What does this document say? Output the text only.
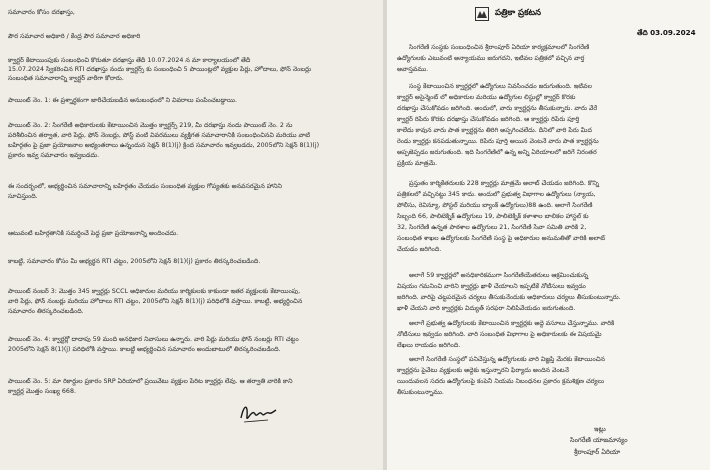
సమాచారం కోసం దరఖాస్తు,
పౌర సమాచార అధికారి / కేంద్ర పౌర సమాచార అధికారి
క్వార్టర్ కేటాయింపుకు సంబంధించి కొరుతూ దరఖాస్తు తేదీ 10.07.2024 న మా కార్యాలయంలో తేదీ
15.07.2024 స్వీకరించిన RTI దరఖాస్తు నందు క్వార్టర్స్ కు సంబంధించి 5 పాయింట్లలో వ్యక్తుల పేర్లు, హోదాలు, ఫోన్ నెంబర్లు
సంబంధిత సమాచారాన్ని క్వార్టర్ వారీగా కోరారు.
పాయింట్ నెం. 1: ఈ ప్రశ్నార్థకంగా జారీచేయబడిన అనుబంధంలో ని వివరాలు పంపించబడ్డాయి.
పాయింట్ నెం. 2: సింగరేణి అధికారులకు కేటాయించిన మొత్తం క్వార్టర్స్ 219, మీ దరఖాస్తు నందు పాయింట్ నెం. 2 ను
పరిశీలించిన తర్వాత, వారి పేర్లు, ఫోన్ నెంబర్లు, పోస్ట్ వంటి వివరములు వ్యక్తిగత సమాచారానికి సంబంధించినవి మరియు వాటి
బహిర్గతం పై ప్రజా ప్రయోజనాల అభ్యంతరాలు ఉన్నందున సెక్షన్ 8(1)(j) క్రింద సమాచారం ఇవ్వబడదు, 2005లోని సెక్షన్ 8(1)(j)
ప్రకారం ఇవ్వ సమాచారం ఇవ్వబడదు.
ఈ సందర్భంలో, అభ్యర్థించిన సమాచారాన్ని బహిర్గతం చేయడం సంబంధిత వ్యక్తుల గోప్యతకు అనవసరమైన హానిని
సూచిస్తుంది.
ఆటువంటి బహిర్గతానికి సమర్థించే పెద్ద ప్రజా ప్రయోజనాన్ని అందించదు.
కాబట్టి, సమాచారం కోసం మీ అభ్యర్థన RTI చట్టం, 2005లోని సెక్షన్ 8(1)(j) ప్రకారం తిరస్కరించబడింది.
పాయింట్ నంబర్ 3: మొత్తం 345 క్వార్టర్లు SCCL అధికారుల మరియు కార్మికులకు కాకుండా ఇతర వ్యక్తులకు కేటాయింపు,
వారి పేర్లు, ఫోన్ నంబర్లు మరియు హోదాలు RTI చట్టం, 2005లోని సెక్షన్ 8(1)(j) పరిధిలోకి వస్తాయి. కాబట్టి, అభ్యర్థించిన
సమాచారం తిరస్కరించబడింది.
పాయింట్ నెం. 4: క్వార్టర్లో దాదాపు 59 మంది అనధికార నివాసులు ఉన్నారు. వారి పేర్లు మరియు ఫోన్ నంబర్లు RTI చట్టం
2005లోని సెక్షన్ 8(1)(j) పరిధిలోకి వస్తాయి. కాబట్టి అభ్యర్థించిన సమాచారం అందుబాటులో తిరస్కరించబడింది.
పాయింట్ నెం. 5: మా రికార్డుల ప్రకారం SRP ఏరియాలో ప్రయివేటు వ్యక్తుల పేరిట క్వార్టర్లు లేవు. ఆ తర్వాతి వారికి కాని
క్వార్టర్ల మొత్తం సంఖ్య 668.
పత్రికా ప్రకటన
తేది 03.09.2024
సింగరేణి సంస్థకు సంబంధించిన శ్రీరాంపూర్ ఏరియా కార్యక్రమాలలో సింగరేణి
ఉద్యోగులకు ఎటువంటి అన్యాయము జరుగదని, ఇటీవల పత్రికలో వచ్చిన వార్త
అవాస్తవము.
సంస్థ కేటాయించిన క్వార్టర్లలో ఉద్యోగులు నివసించడం జరుగుతుంది. ఇటీవల
క్వార్టర్ అసైన్మెంట్ లో అధికారుల మరియు ఉద్యోగుల లిస్టుల్లో క్వార్టర్ కొరకు
దరఖాస్తు చేసుకోవడం జరిగింది. అందులో, వారు క్వార్టర్లను తీసుకున్నారు. వారు వేరే
క్వార్టర్ రిపేరు కొరకు దరఖాస్తు చేసుకోవడం జరిగింది. ఆ క్వార్టర్లు రిపేరు పూర్తి
కాలేదు కావున వారు పాత క్వార్టర్లను తిరిగి అప్పగించలేదు. దీనిలో వారి పేరు మీద
రెండు క్వార్టర్లు కనపడుతున్నాయి. రిపేరు పూర్తి అయిన వెంటనే వారు పాత క్వార్టర్లను
అప్పజెప్పడం జరుగుతుంది. ఇది సింగరేణిలో ఉన్న అన్ని ఏరియాలలో జరిగే నిరంతర
ప్రక్రియ మాత్రమే.
ప్రస్తుతం కార్మికేతరులకు 228 క్వార్టర్లు మాత్రమే అలాట్ చేయడం జరిగింది. కొన్ని
పత్రికలలో వచ్చినట్టు 345 కాదు. అందులో ప్రభుత్వ విభాగాల ఉద్యోగులు (న్యాయ,
పోలీసు, రెవిన్యూ, పోస్టల్ మరియు బ్యాంక్ ఉద్యోగులు)88 ఉంది. అలాగే సింగరేణి
సిబ్బంది 66, పాలిటెక్నిక్ ఉద్యోగులు 19, పాలిటెక్నిక్ కళాశాల బాలికల హాస్టల్ కు
32, సింగరేణి ఉన్నత పాఠశాల ఉద్యోగులు 21, సింగరేణి సేవా సమితి వారికి 2,
సంబంధిత శాఖల ఉద్యోగులకు సింగరేణి సంస్థ పై అధికారుల అనుమతితో వారికి అలాట్
చేయడం జరిగింది.
అలాగే 59 క్వార్టర్లలో అనధికారికముగా సింగరేణియేతరులు ఆక్రమించుకున్న
విషయం గమనించి వారిని క్వార్టర్లు ఖాళీ చేయాలని ఇప్పటికే నోటీసులు ఇవ్వడం
జరిగింది. వారిపై చట్టపరమైన చర్యలు తీసుకునేందుకు అధికారులు చర్యలు తీసుకుంటున్నారు.
ఖాళీ చేయని వారి క్వార్టర్లకు విద్యుత్ సరఫరా నిలిపివేయడం జరుగుతుంది.
అలాగే ప్రభుత్వ ఉద్యోగులకు కేటాయించిన క్వార్టర్లకు అద్దె వసూలు చేస్తున్నాము. వారికి
నోటీసులు ఇవ్వడం జరిగింది. వారి సంబంధిత విభాగాల పై అధికారులకు ఈ విషయమై
లేఖలు రాయడం జరిగింది.
అలాగే సింగరేణి సంస్థలో పనిచేస్తున్న ఉద్యోగులకు వారి విజ్ఞప్తి మేరకు కేటాయించిన
క్వార్టర్లను పైవేటు వ్యక్తులకు అద్దెకు ఇస్తున్నారని ఫిర్యాదు అందిన వెంటనే
యిందువలన సదరు ఉద్యోగులపై కంపెనీ నియమ నిబంధనల ప్రకారం క్రమశిక్షణ చర్యలు
తీసుకుంటున్నాము.
ఇట్లు
సింగరేణి యాజమాన్యం
శ్రీరాంపూర్ ఏరియా
